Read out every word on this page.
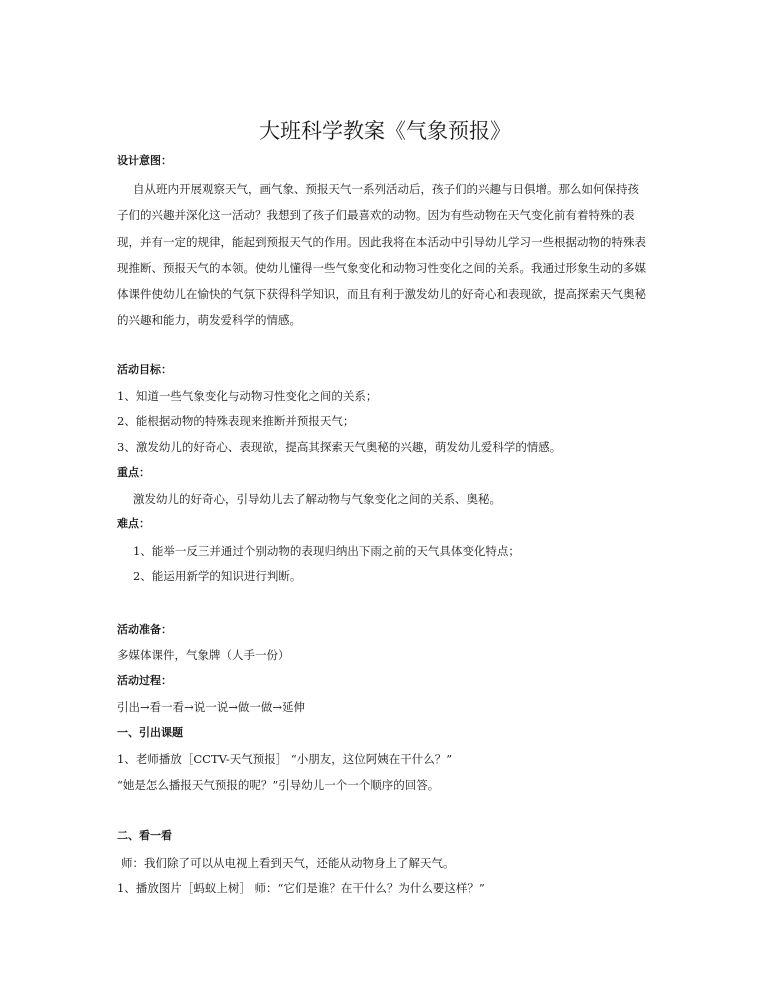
大班科学教案《气象预报》
设计意图：
自从班内开展观察天气，画气象、预报天气一系列活动后，孩子们的兴趣与日俱增。那么如何保持孩
子们的兴趣并深化这一活动？我想到了孩子们最喜欢的动物。因为有些动物在天气变化前有着特殊的表
现，并有一定的规律，能起到预报天气的作用。因此我将在本活动中引导幼儿学习一些根据动物的特殊表
现推断、预报天气的本领。使幼儿懂得一些气象变化和动物习性变化之间的关系。我通过形象生动的多媒
体课件使幼儿在愉快的气氛下获得科学知识，而且有利于激发幼儿的好奇心和表现欲，提高探索天气奥秘
的兴趣和能力，萌发爱科学的情感。
活动目标：
1、知道一些气象变化与动物习性变化之间的关系；
2、能根据动物的特殊表现来推断并预报天气；
3、激发幼儿的好奇心、表现欲，提高其探索天气奥秘的兴趣，萌发幼儿爱科学的情感。
重点：
激发幼儿的好奇心，引导幼儿去了解动物与气象变化之间的关系、奥秘。
难点：
1、能举一反三并通过个别动物的表现归纳出下雨之前的天气具体变化特点；
2、能运用新学的知识进行判断。
活动准备：
多媒体课件，气象牌（人手一份）
活动过程：
引出→看一看→说一说→做一做→延伸
一、引出课题
1、老师播放［CCTV-天气预报］ “小朋友，这位阿姨在干什么？”
“她是怎么播报天气预报的呢？”引导幼儿一个一个顺序的回答。
二、看一看
师：我们除了可以从电视上看到天气，还能从动物身上了解天气。
1、播放图片［蚂蚁上树］ 师：“它们是谁？在干什么？为什么要这样？”
